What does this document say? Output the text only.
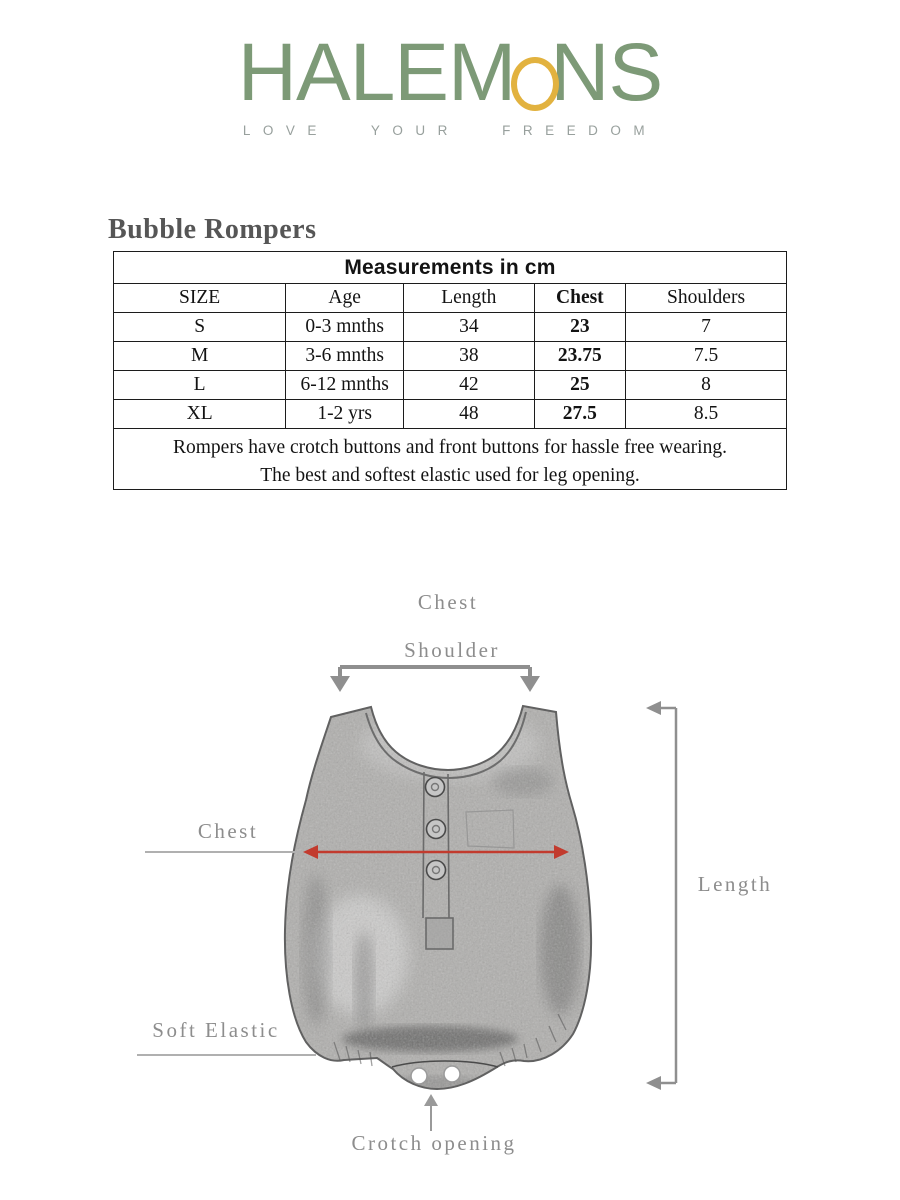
HALEM NS
LOVE YOUR FREEDOM
Bubble Rompers
Measurements in cm				
SIZE	Age	Length	Chest	Shoulders
S	0-3 mnths	34	23	7
M	3-6 mnths	38	23.75	7.5
L	6-12 mnths	42	25	8
XL	1-2 yrs	48	27.5	8.5

Rompers have crotch buttons and front buttons for hassle free wearing.
The best and softest elastic used for leg opening.				
Chest
Shoulder
Chest
Length
Soft Elastic
Crotch opening
